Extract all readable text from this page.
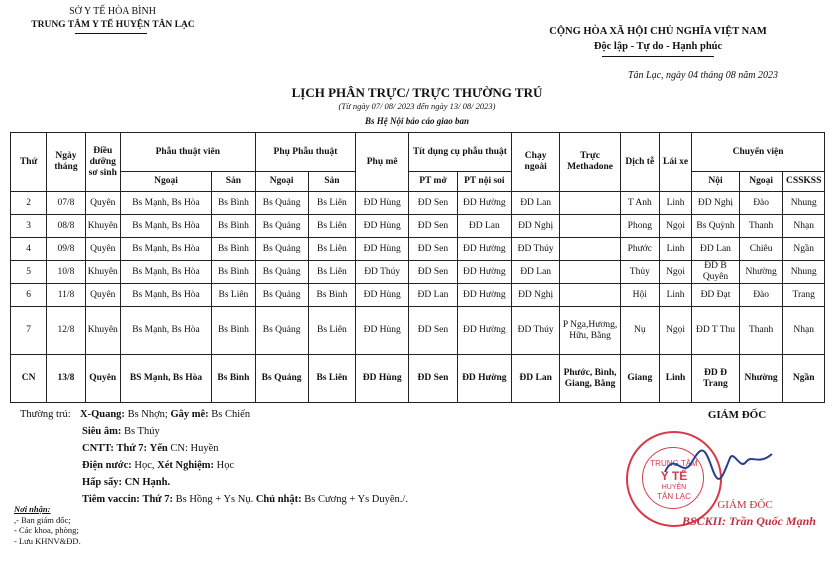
SỞ Y TẾ HÒA BÌNH
TRUNG TÂM Y TẾ HUYỆN TÂN LẠC
CỘNG HÒA XÃ HỘI CHỦ NGHĨA VIỆT NAM
Độc lập - Tự do - Hạnh phúc
Tân Lạc, ngày 04 tháng 08 năm 2023
LỊCH PHÂN TRỰC/ TRỰC THƯỜNG TRÚ
(Từ ngày 07/ 08/ 2023 đến ngày 13/ 08/ 2023)
Bs Hệ Nội báo cáo giao ban
Thứ	Ngày tháng	Điều dưỡng sơ sinh	Phẫu thuật viên		Phụ Phẫu thuật		Phụ mê	Tít dụng cụ phẫu thuật		Chạy ngoài	Trực Methadone	Dịch tễ	Lái xe	Chuyển viện		
			Ngoại	Sản	Ngoại	Sản		PT mở	PT nội soi					Nội	Ngoại	CSSKSS
2	07/8	Quyên	Bs Mạnh, Bs Hòa	Bs Bình	Bs Quảng	Bs Liên	ĐD Hùng	ĐD Sen	ĐD Hường	ĐD Lan		T Anh	Linh	ĐD Nghị	Đào	Nhung
3	08/8	Khuyên	Bs Mạnh, Bs Hòa	Bs Bình	Bs Quảng	Bs Liên	ĐD Hùng	ĐD Sen	ĐD Lan	ĐD Nghị		Phong	Ngọi	Bs Quỳnh	Thanh	Nhạn
4	09/8	Quyên	Bs Mạnh, Bs Hòa	Bs Bình	Bs Quảng	Bs Liên	ĐD Hùng	ĐD Sen	ĐD Hường	ĐD Thúy		Phước	Linh	ĐD Lan	Chiêu	Ngần
5	10/8	Khuyên	Bs Mạnh, Bs Hòa	Bs Bình	Bs Quảng	Bs Liên	ĐD Thúy	ĐD Sen	ĐD Hường	ĐD Lan		Thủy	Ngọi	ĐD B Quyên	Nhường	Nhung
6	11/8	Quyên	Bs Mạnh, Bs Hòa	Bs Liên	Bs Quảng	Bs Bình	ĐD Hùng	ĐD Lan	ĐD Hường	ĐD Nghị		Hội	Linh	ĐD Đạt	Đào	Trang
7	12/8	Khuyên	Bs Mạnh, Bs Hòa	Bs Bình	Bs Quảng	Bs Liên	ĐD Hùng	ĐD Sen	ĐD Hường	ĐD Thúy	P Nga,Hương, Hữu, Bằng	Nụ	Ngọi	ĐD T Thu	Thanh	Nhạn
CN	13/8	Quyên	BS Mạnh, Bs Hòa	Bs Bình	Bs Quảng	Bs Liên	ĐD Hùng	ĐD Sen	ĐD Hường	ĐD Lan	Phước, Bình, Giang, Bằng	Giang	Linh	ĐD Đ Trang	Nhường	Ngần
Thường trú: X-Quang: Bs Nhợn; Gây mê: Bs Chiến
Siêu âm: Bs Thúy
CNTT: Thứ 7: Yến CN: Huyền
Điện nước: Học, Xét Nghiệm: Học
Hấp sấy: CN Hạnh.
Tiêm vaccin: Thứ 7: Bs Hồng + Ys Nụ. Chủ nhật: Bs Cương + Ys Duyên./.
Nơi nhận:
,- Ban giám đốc;
- Các khoa, phòng;
- Lưu KHNV&ĐD.
GIÁM ĐỐC
TRUNG TÂM
Y TẾ
HUYỆN
TÂN LẠC
GIÁM ĐỐC
BSCKII: Trần Quốc Mạnh
